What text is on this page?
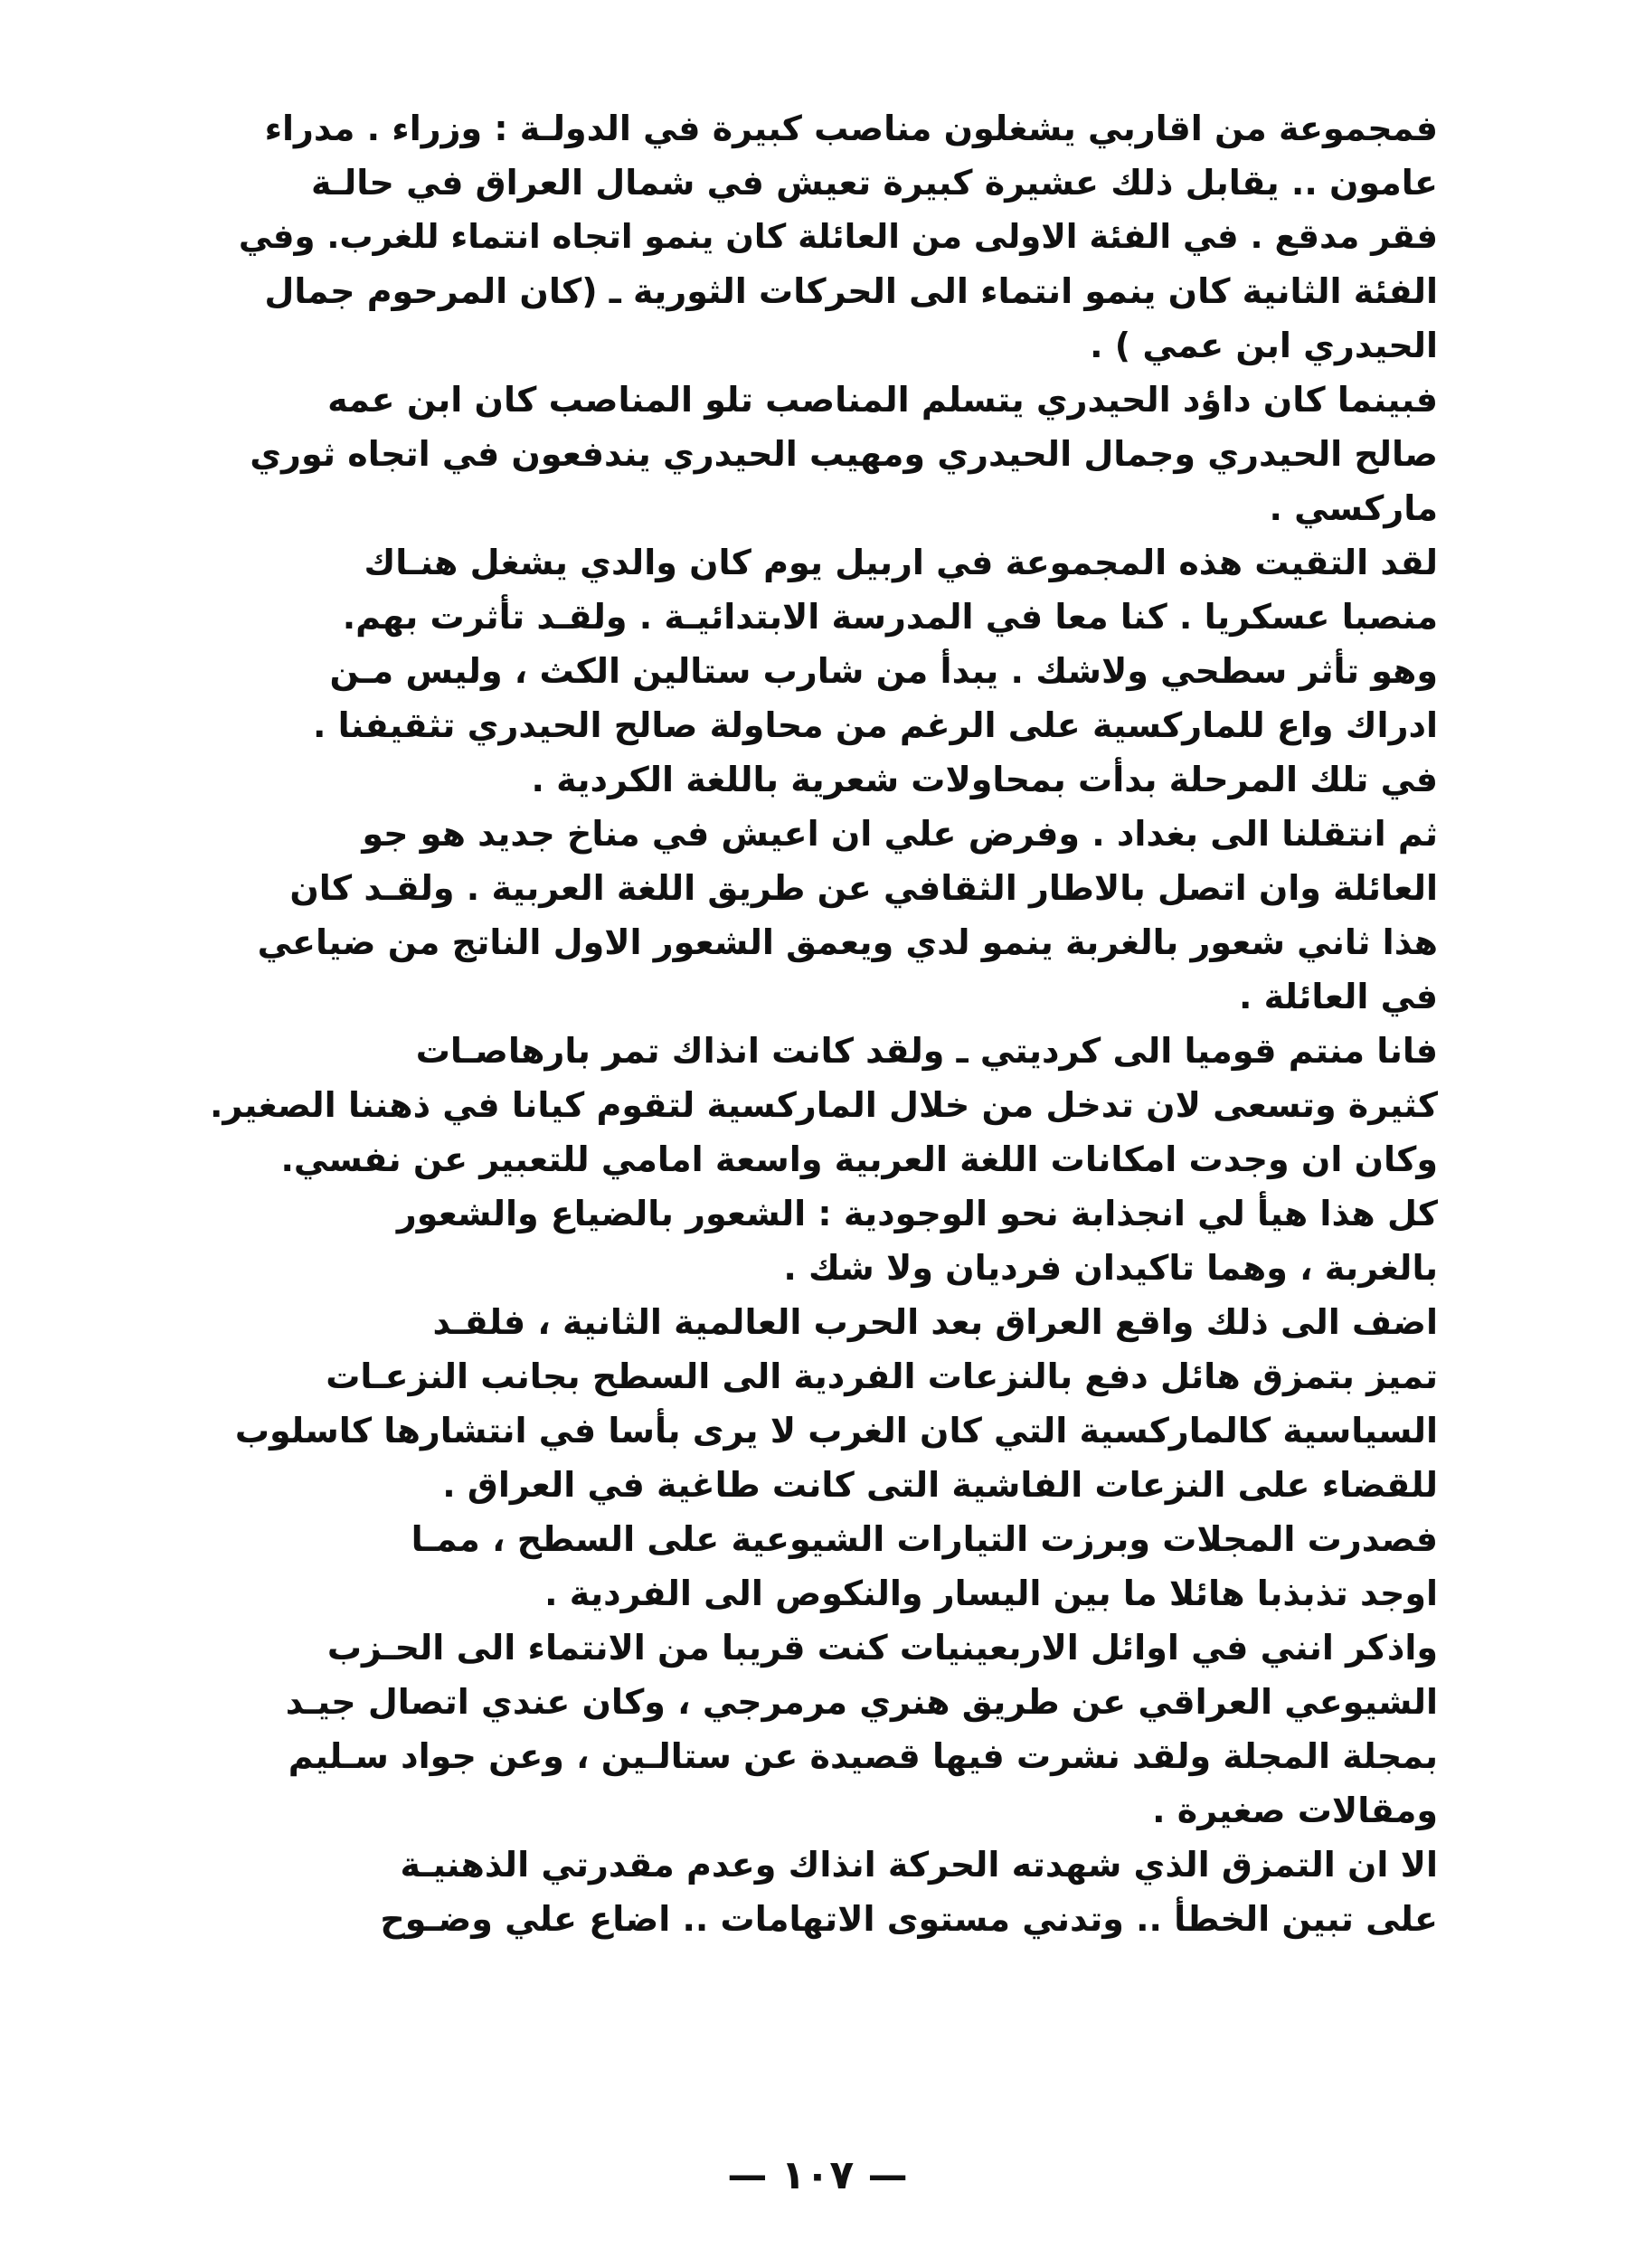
فمجموعة من اقاربي يشغلون مناصب كبيرة في الدولـة : وزراء . مدراء
عامون .. يقابل ذلك عشيرة كبيرة تعيش في شمال العراق في حالـة
فقر مدقع . في الفئة الاولى من العائلة كان ينمو اتجاه انتماء للغرب. وفي
الفئة الثانية كان ينمو انتماء الى الحركات الثورية ـ (كان المرحوم جمال
الحيدري ابن عمي ) .
فبينما كان داؤد الحيدري يتسلم المناصب تلو المناصب كان ابن عمه
صالح الحيدري وجمال الحيدري ومهيب الحيدري يندفعون في اتجاه ثوري
ماركسي .
لقد التقيت هذه المجموعة في اربيل يوم كان والدي يشغل هنـاك
منصبا عسكريا . كنا معا في المدرسة الابتدائيـة . ولقـد تأثرت بهم.
وهو تأثر سطحي ولاشك . يبدأ من شارب ستالين الكث ، وليس مـن
ادراك واع للماركسية على الرغم من محاولة صالح الحيدري تثقيفنا .
في تلك المرحلة بدأت بمحاولات شعرية باللغة الكردية .
ثم انتقلنا الى بغداد . وفرض علي ان اعيش في مناخ جديد هو جو
العائلة وان اتصل بالاطار الثقافي عن طريق اللغة العربية . ولقـد كان
هذا ثاني شعور بالغربة ينمو لدي ويعمق الشعور الاول الناتج من ضياعي
في العائلة .
فانا منتم قوميا الى كرديتي ـ ولقد كانت انذاك تمر بارهاصـات
كثيرة وتسعى لان تدخل من خلال الماركسية لتقوم كيانا في ذهننا الصغير.
وكان ان وجدت امكانات اللغة العربية واسعة امامي للتعبير عن نفسي.
كل هذا هيأ لي انجذابة نحو الوجودية : الشعور بالضياع والشعور
بالغربة ، وهما تاكيدان فرديان ولا شك .
اضف الى ذلك واقع العراق بعد الحرب العالمية الثانية ، فلقـد
تميز بتمزق هائل دفع بالنزعات الفردية الى السطح بجانب النزعـات
السياسية كالماركسية التي كان الغرب لا يرى بأسا في انتشارها كاسلوب
للقضاء على النزعات الفاشية التى كانت طاغية في العراق .
فصدرت المجلات وبرزت التيارات الشيوعية على السطح ، ممـا
اوجد تذبذبا هائلا ما بين اليسار والنكوص الى الفردية .
واذكر انني في اوائل الاربعينيات كنت قريبا من الانتماء الى الحـزب
الشيوعي العراقي عن طريق هنري مرمرجي ، وكان عندي اتصال جيـد
بمجلة المجلة ولقد نشرت فيها قصيدة عن ستالـين ، وعن جواد سـليم
ومقالات صغيرة .
الا ان التمزق الذي شهدته الحركة انذاك وعدم مقدرتي الذهنيـة
على تبين الخطأ .. وتدني مستوى الاتهامات .. اضاع علي وضـوح
— ١٠٧ —
